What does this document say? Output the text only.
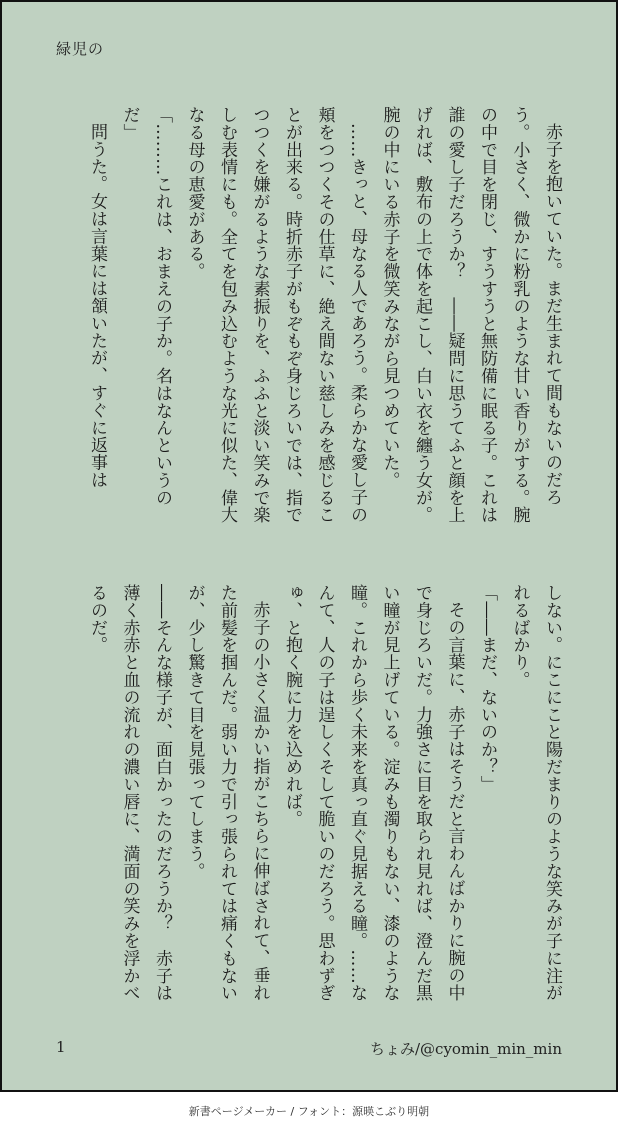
緑児の

赤子を抱いていた。まだ生まれて間もないのだろう。小さく、微かに粉乳のような甘い香りがする。腕の中で目を閉じ、すうすうと無防備に眠る子。これは誰の愛し子だろうか？　――疑問に思うてふと顔を上げれば、敷布の上で体を起こし、白い衣を纏う女が。腕の中にいる赤子を微笑みながら見つめていた。

……きっと、母なる人であろう。柔らかな愛し子の頬をつつくその仕草に、絶え間ない慈しみを感じることが出来る。時折赤子がもぞもぞ身じろいでは、指でつつくを嫌がるような素振りを、ふふと淡い笑みで楽しむ表情にも。全てを包み込むような光に似た、偉大なる母の恵愛がある。

「………これは、おまえの子か。名はなんというのだ」

問うた。女は言葉には頷いたが、すぐに返事は

しない。にこにこと陽だまりのような笑みが子に注がれるばかり。

「――まだ、ないのか？」

その言葉に、赤子はそうだと言わんばかりに腕の中で身じろいだ。力強さに目を取られ見れば、澄んだ黒い瞳が見上げている。淀みも濁りもない、漆のような瞳。これから歩く未来を真っ直ぐ見据える瞳。……なんて、人の子は逞しくそして脆いのだろう。思わずぎゅ、と抱く腕に力を込めれば。

赤子の小さく温かい指がこちらに伸ばされて、垂れた前髪を掴んだ。弱い力で引っ張られては痛くもないが、少し驚きて目を見張ってしまう。

――そんな様子が、面白かったのだろうか？　赤子は薄く赤赤と血の流れの濃い唇に、満面の笑みを浮かべるのだ。

1	ちょみ/@cyomin_min_min
新書ページメーカー / フォント：源暎こぶり明朝
